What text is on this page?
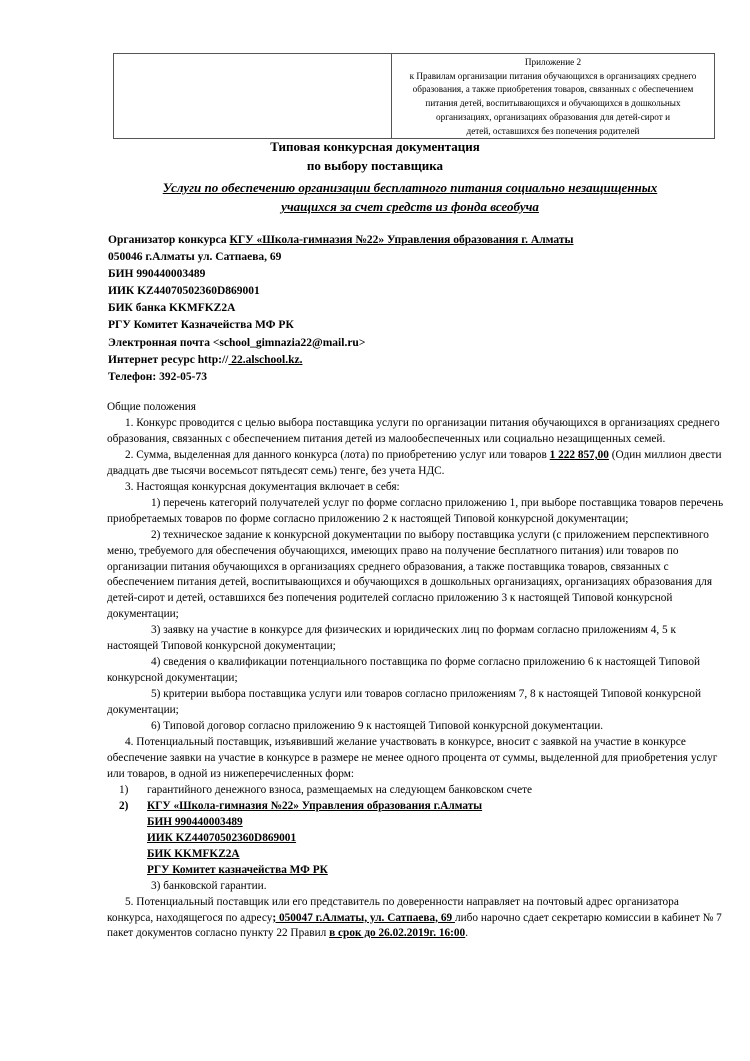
Приложение 2
к Правилам организации питания обучающихся в организациях среднего
образования, а также приобретения товаров, связанных с обеспечением
питания детей, воспитывающихся и обучающихся в дошкольных
организациях, организациях образования для детей-сирот и
детей, оставшихся без попечения родителей
Типовая конкурсная документация
по выбору поставщика
Услуги по обеспечению организации бесплатного питания социально незащищенных
учащихся за счет средств из фонда всеобуча
Организатор конкурса КГУ «Школа-гимназия №22» Управления образования г. Алматы
050046 г.Алматы ул. Сатпаева, 69
БИН 990440003489
ИИК KZ44070502360D869001
БИК банка KKMFKZ2A
РГУ Комитет Казначейства МФ РК
Электронная почта <school_gimnazia22@mail.ru>
Интернет ресурс http:// 22.alschool.kz.
Телефон: 392-05-73

Общие положения

1. Конкурс проводится с целью выбора поставщика услуги по организации питания обучающихся в организациях среднего образования, связанных с обеспечением питания детей из малообеспеченных или социально незащищенных семей.

2. Сумма, выделенная для данного конкурса (лота) по приобретению услуг или товаров 1 222 857,00 (Один миллион двести двадцать две тысячи восемьсот пятьдесят семь) тенге, без учета НДС.

3. Настоящая конкурсная документация включает в себя:

1) перечень категорий получателей услуг по форме согласно приложению 1, при выборе поставщика товаров перечень приобретаемых товаров по форме согласно приложению 2 к настоящей Типовой конкурсной документации;

2) техническое задание к конкурсной документации по выбору поставщика услуги (с приложением перспективного меню, требуемого для обеспечения обучающихся, имеющих право на получение бесплатного питания) или товаров по организации питания обучающихся в организациях среднего образования, а также поставщика товаров, связанных с обеспечением питания детей, воспитывающихся и обучающихся в дошкольных организациях, организациях образования для детей-сирот и детей, оставшихся без попечения родителей согласно приложению 3 к настоящей Типовой конкурсной документации;

3) заявку на участие в конкурсе для физических и юридических лиц по формам согласно приложениям 4, 5 к настоящей Типовой конкурсной документации;

4) сведения о квалификации потенциального поставщика по форме согласно приложению 6 к настоящей Типовой конкурсной документации;

5) критерии выбора поставщика услуги или товаров согласно приложениям 7, 8 к настоящей Типовой конкурсной документации;

6) Типовой договор согласно приложению 9 к настоящей Типовой конкурсной документации.

4. Потенциальный поставщик, изъявивший желание участвовать в конкурсе, вносит с заявкой на участие в конкурсе обеспечение заявки на участие в конкурсе в размере не менее одного процента от суммы, выделенной для приобретения услуг или товаров, в одной из нижеперечисленных форм:

1) гарантийного денежного взноса, размещаемых на следующем банковском счете
2) КГУ «Школа-гимназия №22» Управления образования г.Алматы
БИН 990440003489
ИИК KZ44070502360D869001
БИК KKMFKZ2A
РГУ Комитет казначейства МФ РК
3) банковской гарантии.

5. Потенциальный поставщик или его представитель по доверенности направляет на почтовый адрес организатора конкурса, находящегося по адресу; 050047 г.Алматы, ул. Сатпаева, 69 либо нарочно сдает секретарю комиссии в кабинет № 7 пакет документов согласно пункту 22 Правил в срок до 26.02.2019г. 16:00.
